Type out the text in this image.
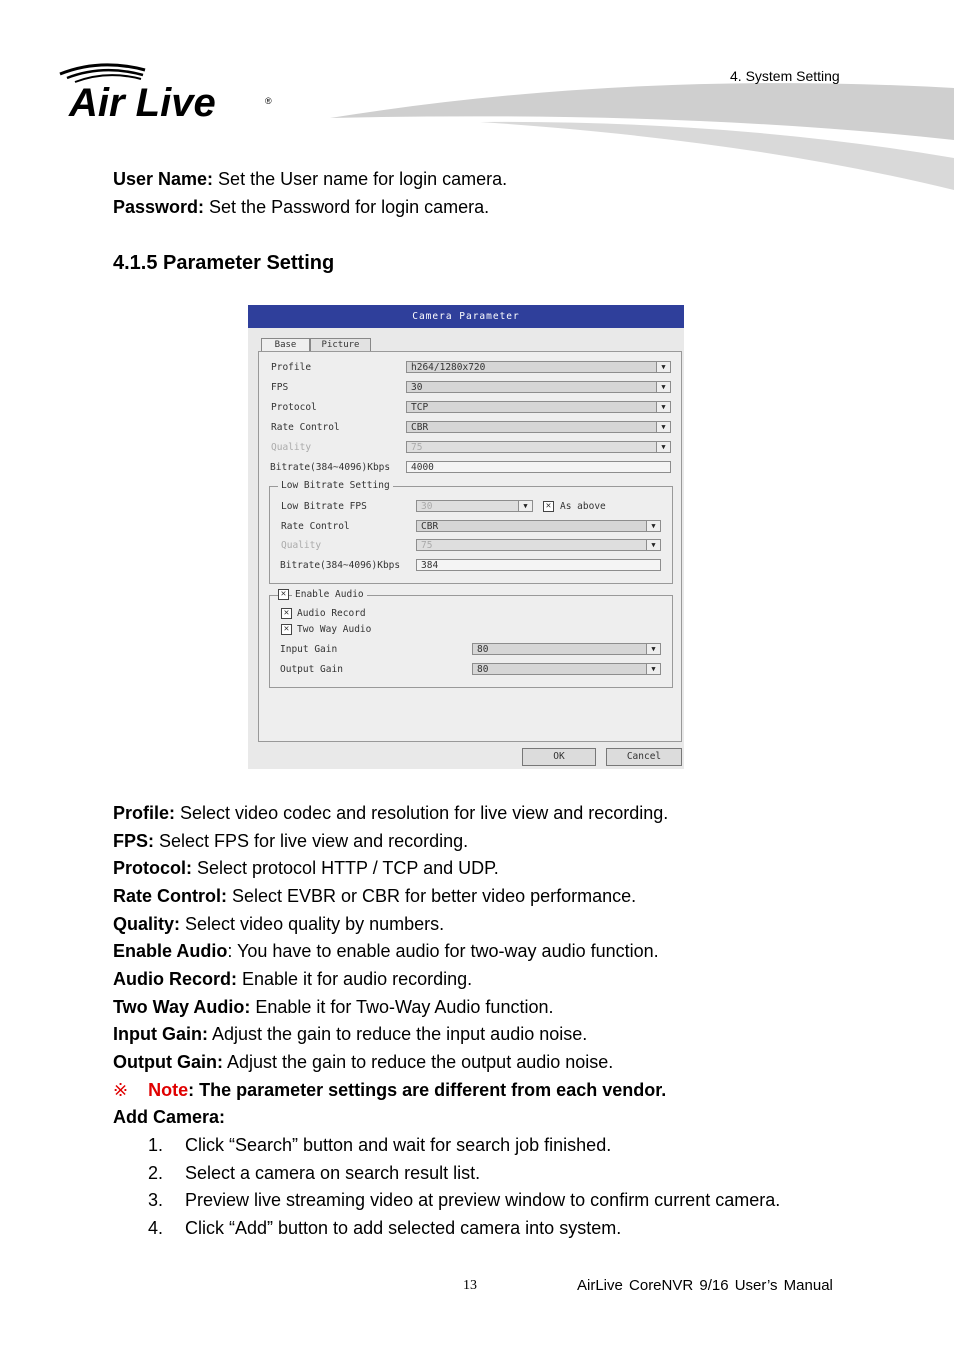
Air Live	®
4. System Setting
User Name: Set the User name for login camera.
Password: Set the Password for login camera.
4.1.5 Parameter Setting
Camera Parameter
Base	Picture
Profile	h264/1280x720	▼
FPS	30	▼
Protocol	TCP	▼
Rate Control	CBR	▼
Quality	75	▼
Bitrate(384~4096)Kbps	4000
Low Bitrate Setting
Low Bitrate FPS	30	▼	✕ As above
Rate Control	CBR	▼
Quality	75	▼
Bitrate(384~4096)Kbps	384
✕ Enable Audio
✕ Audio Record
✕ Two Way Audio
Input Gain	80	▼
Output Gain	80	▼
OK	Cancel
Profile: Select video codec and resolution for live view and recording.
FPS: Select FPS for live view and recording.
Protocol: Select protocol HTTP / TCP and UDP.
Rate Control: Select EVBR or CBR for better video performance.
Quality: Select video quality by numbers.
Enable Audio: You have to enable audio for two-way audio function.
Audio Record: Enable it for audio recording.
Two Way Audio: Enable it for Two-Way Audio function.
Input Gain: Adjust the gain to reduce the input audio noise.
Output Gain: Adjust the gain to reduce the output audio noise.
※ Note: The parameter settings are different from each vendor.
Add Camera:
1. Click “Search” button and wait for search job finished.
2. Select a camera on search result list.
3. Preview live streaming video at preview window to confirm current camera.
4. Click “Add” button to add selected camera into system.
13	AirLive CoreNVR 9/16 User’s Manual
